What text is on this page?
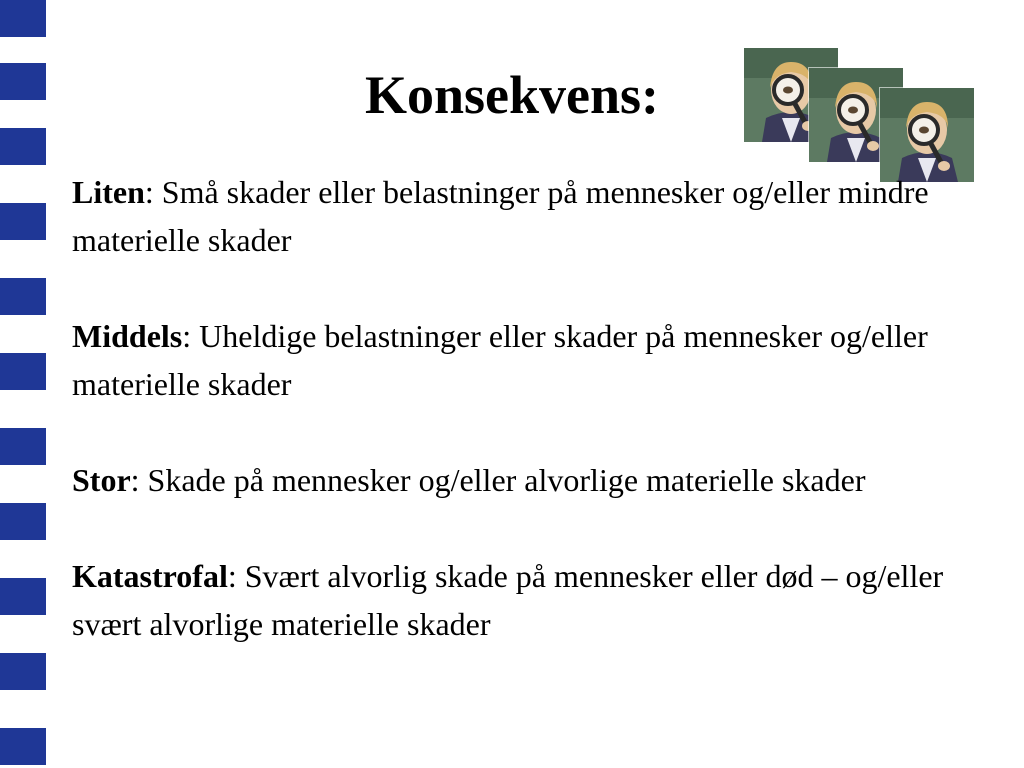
Konsekvens:

Liten: Små skader eller belastninger på mennesker og/eller mindre materielle skader

Middels: Uheldige belastninger eller skader på mennesker og/eller materielle skader

Stor: Skade på mennesker og/eller alvorlige materielle skader

Katastrofal: Svært alvorlig skade på mennesker eller død – og/eller svært alvorlige materielle skader
